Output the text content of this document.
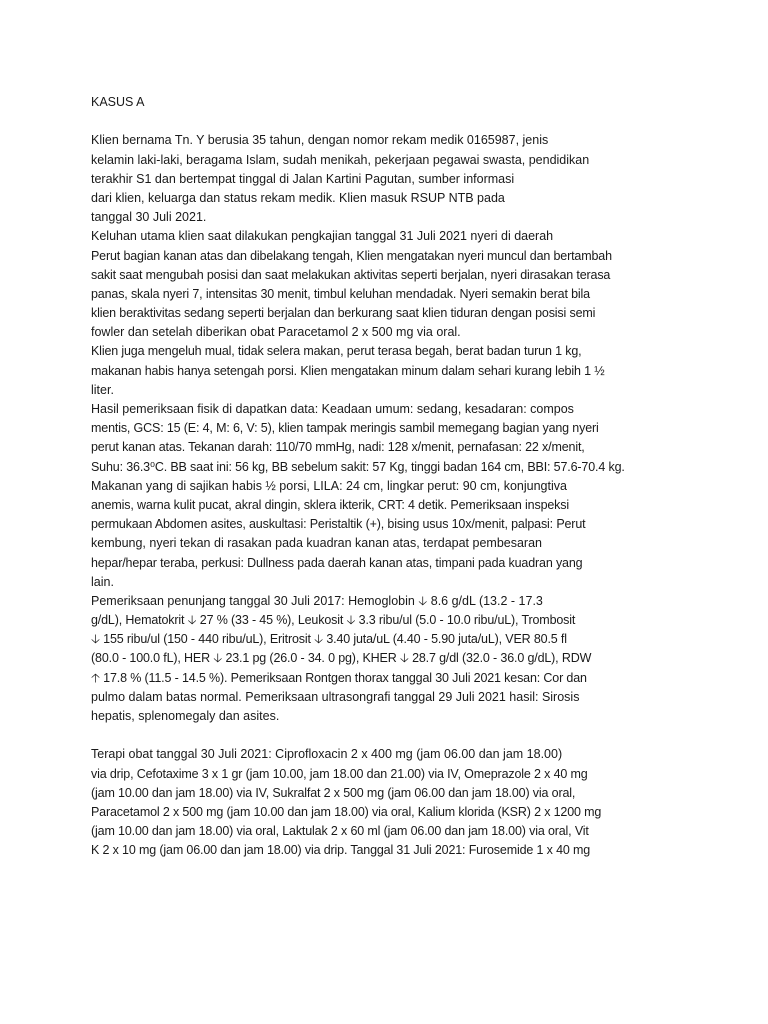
KASUS A
Klien bernama Tn. Y berusia 35 tahun, dengan nomor rekam medik 0165987, jenis
kelamin laki-laki, beragama Islam, sudah menikah, pekerjaan pegawai swasta, pendidikan
terakhir S1 dan bertempat tinggal di Jalan Kartini Pagutan, sumber informasi
dari klien, keluarga dan status rekam medik. Klien masuk RSUP NTB pada
tanggal 30 Juli 2021.
Keluhan utama klien saat dilakukan pengkajian tanggal 31 Juli 2021 nyeri di daerah
Perut bagian kanan atas dan dibelakang tengah, Klien mengatakan nyeri muncul dan bertambah
sakit saat mengubah posisi dan saat melakukan aktivitas seperti berjalan, nyeri dirasakan terasa
panas, skala nyeri 7, intensitas 30 menit, timbul keluhan mendadak. Nyeri semakin berat bila
klien beraktivitas sedang seperti berjalan dan berkurang saat klien tiduran dengan posisi semi
fowler dan setelah diberikan obat Paracetamol 2 x 500 mg via oral.
Klien juga mengeluh mual, tidak selera makan, perut terasa begah, berat badan turun 1 kg,
makanan habis hanya setengah porsi. Klien mengatakan minum dalam sehari kurang lebih 1 ½
liter.
Hasil pemeriksaan fisik di dapatkan data: Keadaan umum: sedang, kesadaran: compos
mentis, GCS: 15 (E: 4, M: 6, V: 5), klien tampak meringis sambil memegang bagian yang nyeri
perut kanan atas. Tekanan darah: 110/70 mmHg, nadi: 128 x/menit, pernafasan: 22 x/menit,
Suhu: 36.3⁰C. BB saat ini: 56 kg, BB sebelum sakit: 57 Kg, tinggi badan 164 cm, BBI: 57.6-70.4 kg.
Makanan yang di sajikan habis ½ porsi, LILA: 24 cm, lingkar perut: 90 cm, konjungtiva
anemis, warna kulit pucat, akral dingin, sklera ikterik, CRT: 4 detik. Pemeriksaan inspeksi
permukaan Abdomen asites, auskultasi: Peristaltik (+), bising usus 10x/menit, palpasi: Perut
kembung, nyeri tekan di rasakan pada kuadran kanan atas, terdapat pembesaran
hepar/hepar teraba, perkusi: Dullness pada daerah kanan atas, timpani pada kuadran yang
lain.
Pemeriksaan penunjang tanggal 30 Juli 2017: Hemoglobin 🡣 8.6 g/dL (13.2 - 17.3
g/dL), Hematokrit 🡣 27 % (33 - 45 %), Leukosit 🡣 3.3 ribu/ul (5.0 - 10.0 ribu/uL), Trombosit
🡣 155 ribu/ul (150 - 440 ribu/uL), Eritrosit 🡣 3.40 juta/uL (4.40 - 5.90 juta/uL), VER 80.5 fl
(80.0 - 100.0 fL), HER 🡣 23.1 pg (26.0 - 34. 0 pg), KHER 🡣 28.7 g/dl (32.0 - 36.0 g/dL), RDW
🡡 17.8 % (11.5 - 14.5 %). Pemeriksaan Rontgen thorax tanggal 30 Juli 2021 kesan: Cor dan
pulmo dalam batas normal. Pemeriksaan ultrasongrafi tanggal 29 Juli 2021 hasil: Sirosis
hepatis, splenomegaly dan asites.
Terapi obat tanggal 30 Juli 2021: Ciprofloxacin 2 x 400 mg (jam 06.00 dan jam 18.00)
via drip, Cefotaxime 3 x 1 gr (jam 10.00, jam 18.00 dan 21.00) via IV, Omeprazole 2 x 40 mg
(jam 10.00 dan jam 18.00) via IV, Sukralfat 2 x 500 mg (jam 06.00 dan jam 18.00) via oral,
Paracetamol 2 x 500 mg (jam 10.00 dan jam 18.00) via oral, Kalium klorida (KSR) 2 x 1200 mg
(jam 10.00 dan jam 18.00) via oral, Laktulak 2 x 60 ml (jam 06.00 dan jam 18.00) via oral, Vit
K 2 x 10 mg (jam 06.00 dan jam 18.00) via drip. Tanggal 31 Juli 2021: Furosemide 1 x 40 mg
